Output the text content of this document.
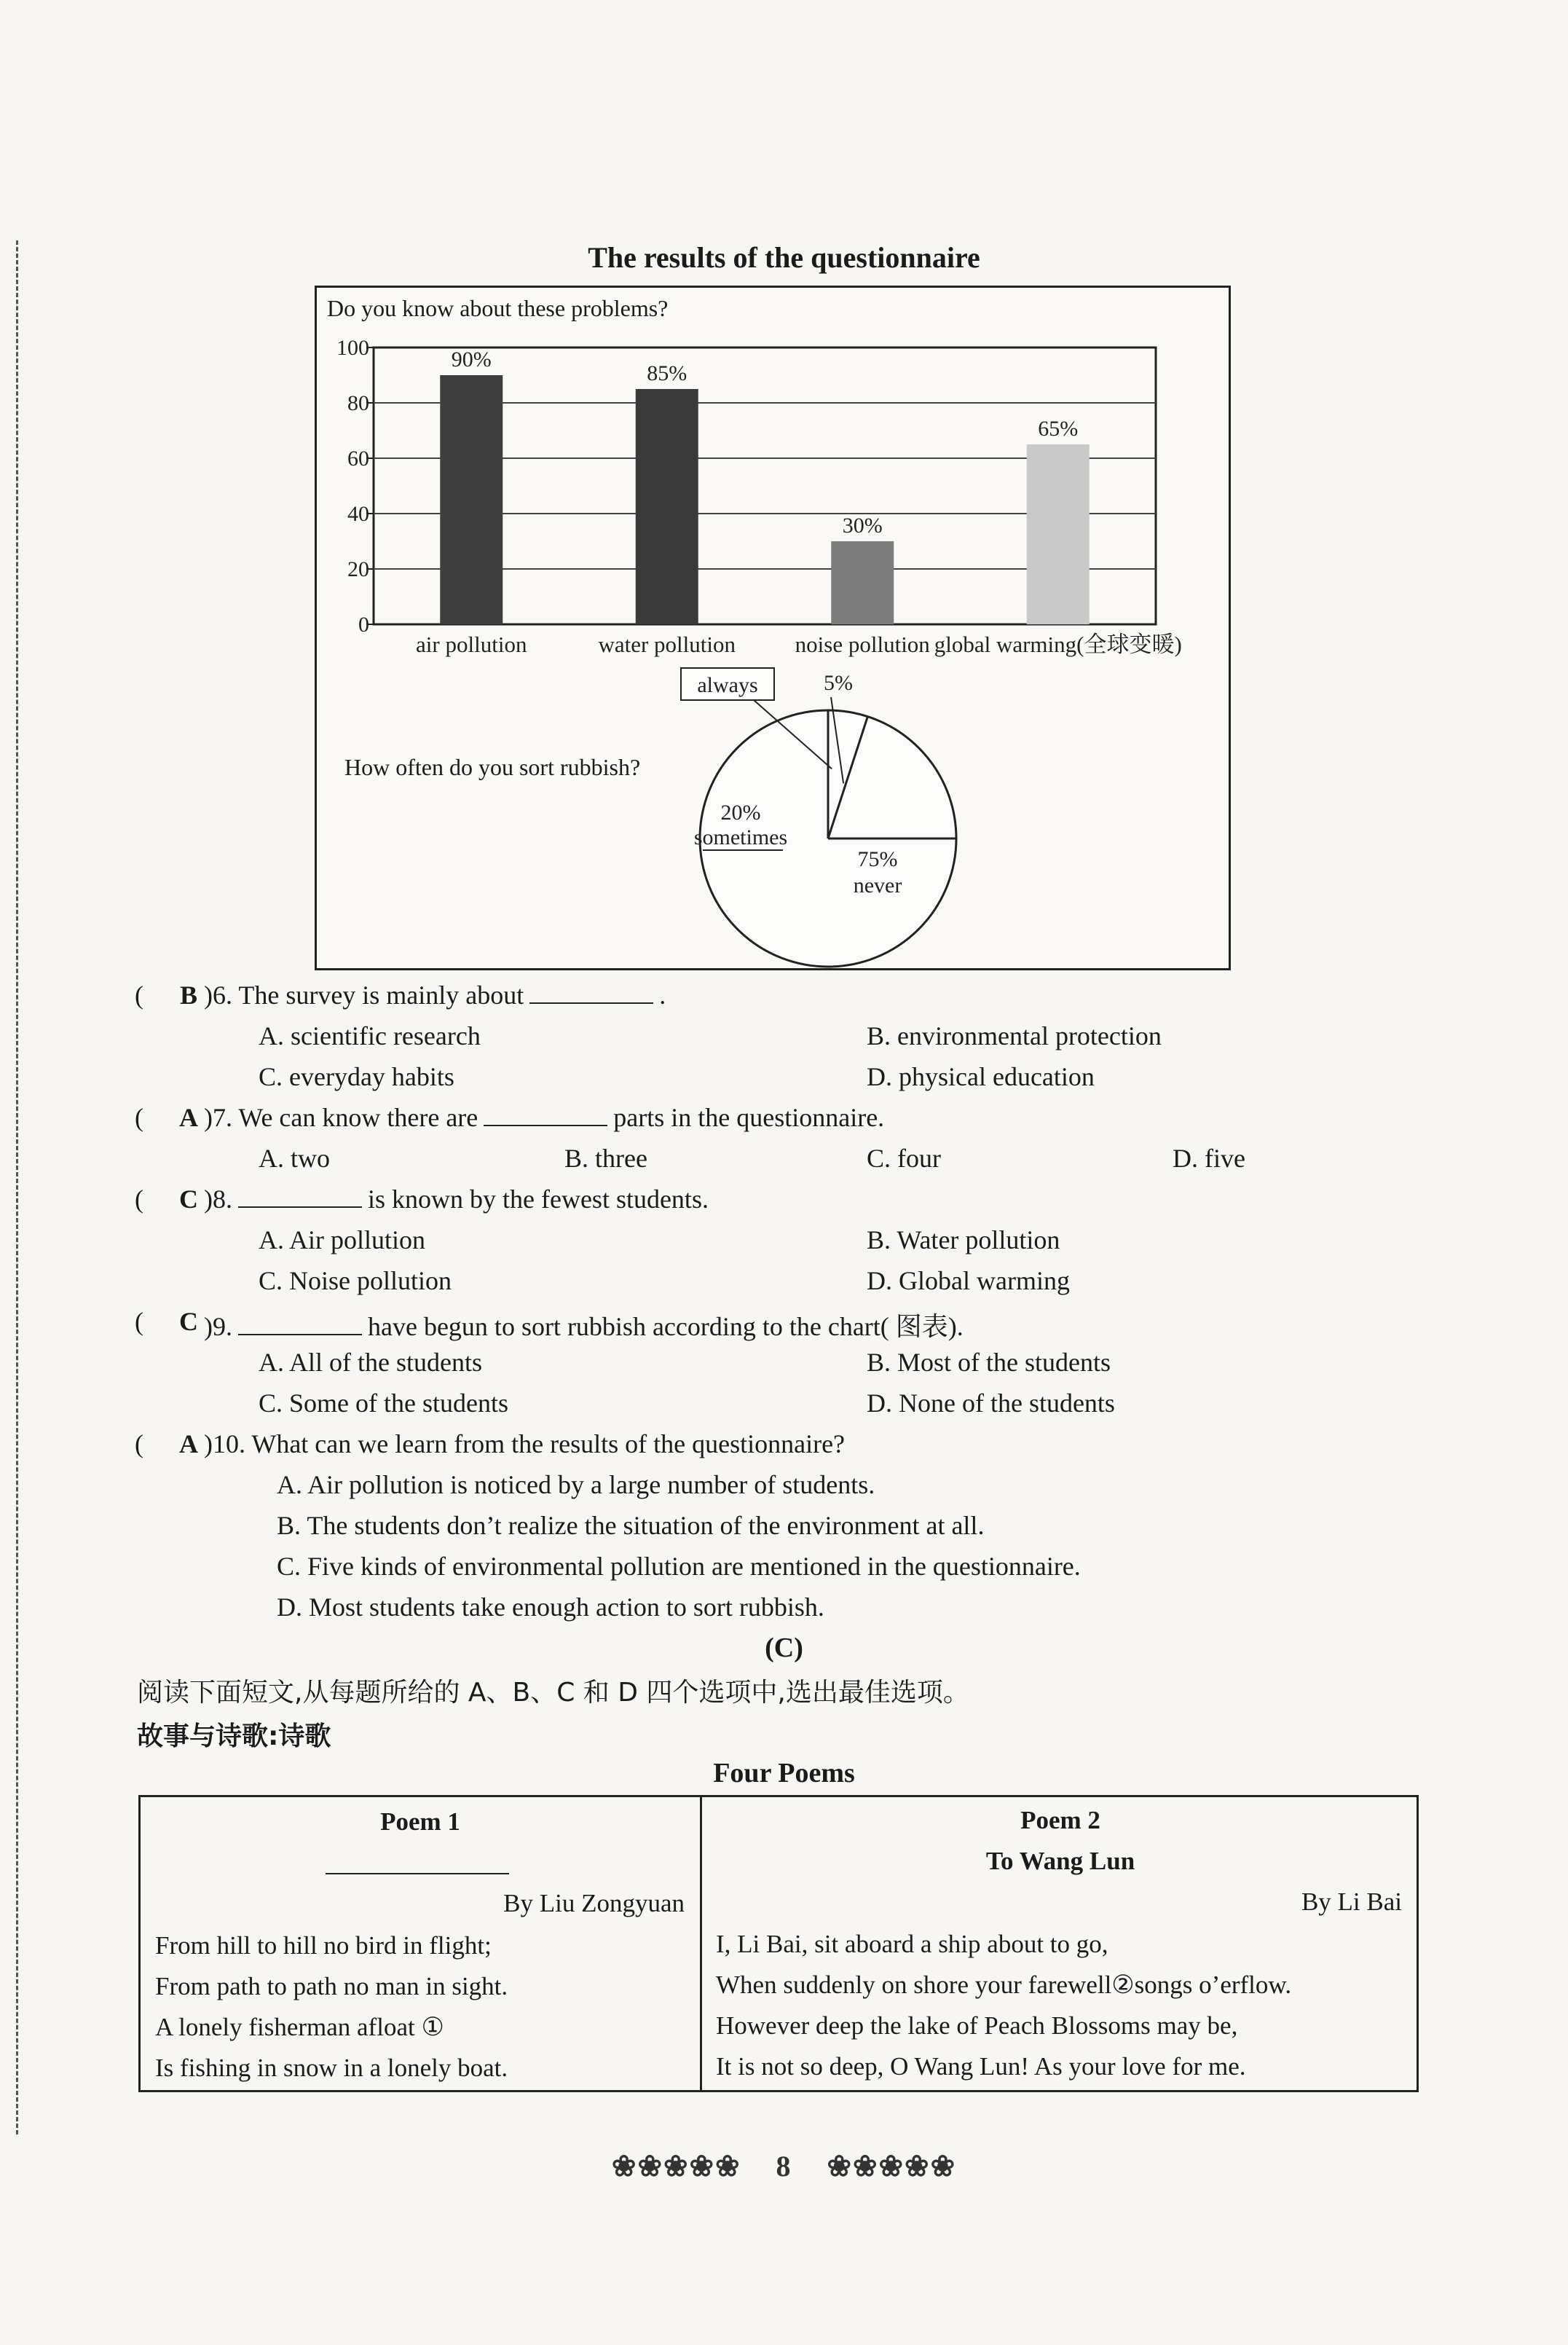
The results of the questionnaire
Do you know about these problems?
How often do you sort rubbish?
0
20
40
60
80
100	90%
air pollution
85%
water pollution
30%
noise pollution
65%
global warming(全球变暖)
always	5%
20%
sometimes
75%
never
(	B )6. The survey is mainly about	.
A. scientific research	B. environmental protection
C. everyday habits	D. physical education
(	A )7. We can know there are	parts in the questionnaire.
A. two	B. three	C. four	D. five
(	C )8.	is known by the fewest students.
A. Air pollution	B. Water pollution
C. Noise pollution	D. Global warming
(	C )9.	have begun to sort rubbish according to the chart( 图表).
A. All of the students	B. Most of the students
C. Some of the students	D. None of the students
(	A )10. What can we learn from the results of the questionnaire?
A. Air pollution is noticed by a large number of students.
B. The students don’t realize the situation of the environment at all.
C. Five kinds of environmental pollution are mentioned in the questionnaire.
D. Most students take enough action to sort rubbish.
(C)
阅读下面短文,从每题所给的 A、B、C 和 D 四个选项中,选出最佳选项。
故事与诗歌:诗歌
Four Poems
Poem 1
By Liu Zongyuan
From hill to hill no bird in flight;
From path to path no man in sight.
A lonely fisherman afloat ①
Is fishing in snow in a lonely boat.
Poem 2
To Wang Lun
By Li Bai
I, Li Bai, sit aboard a ship about to go,
When suddenly on shore your farewell②songs o’erflow.
However deep the lake of Peach Blossoms may be,
It is not so deep, O Wang Lun! As your love for me.
❀❀❀❀❀ 8 ❀❀❀❀❀
